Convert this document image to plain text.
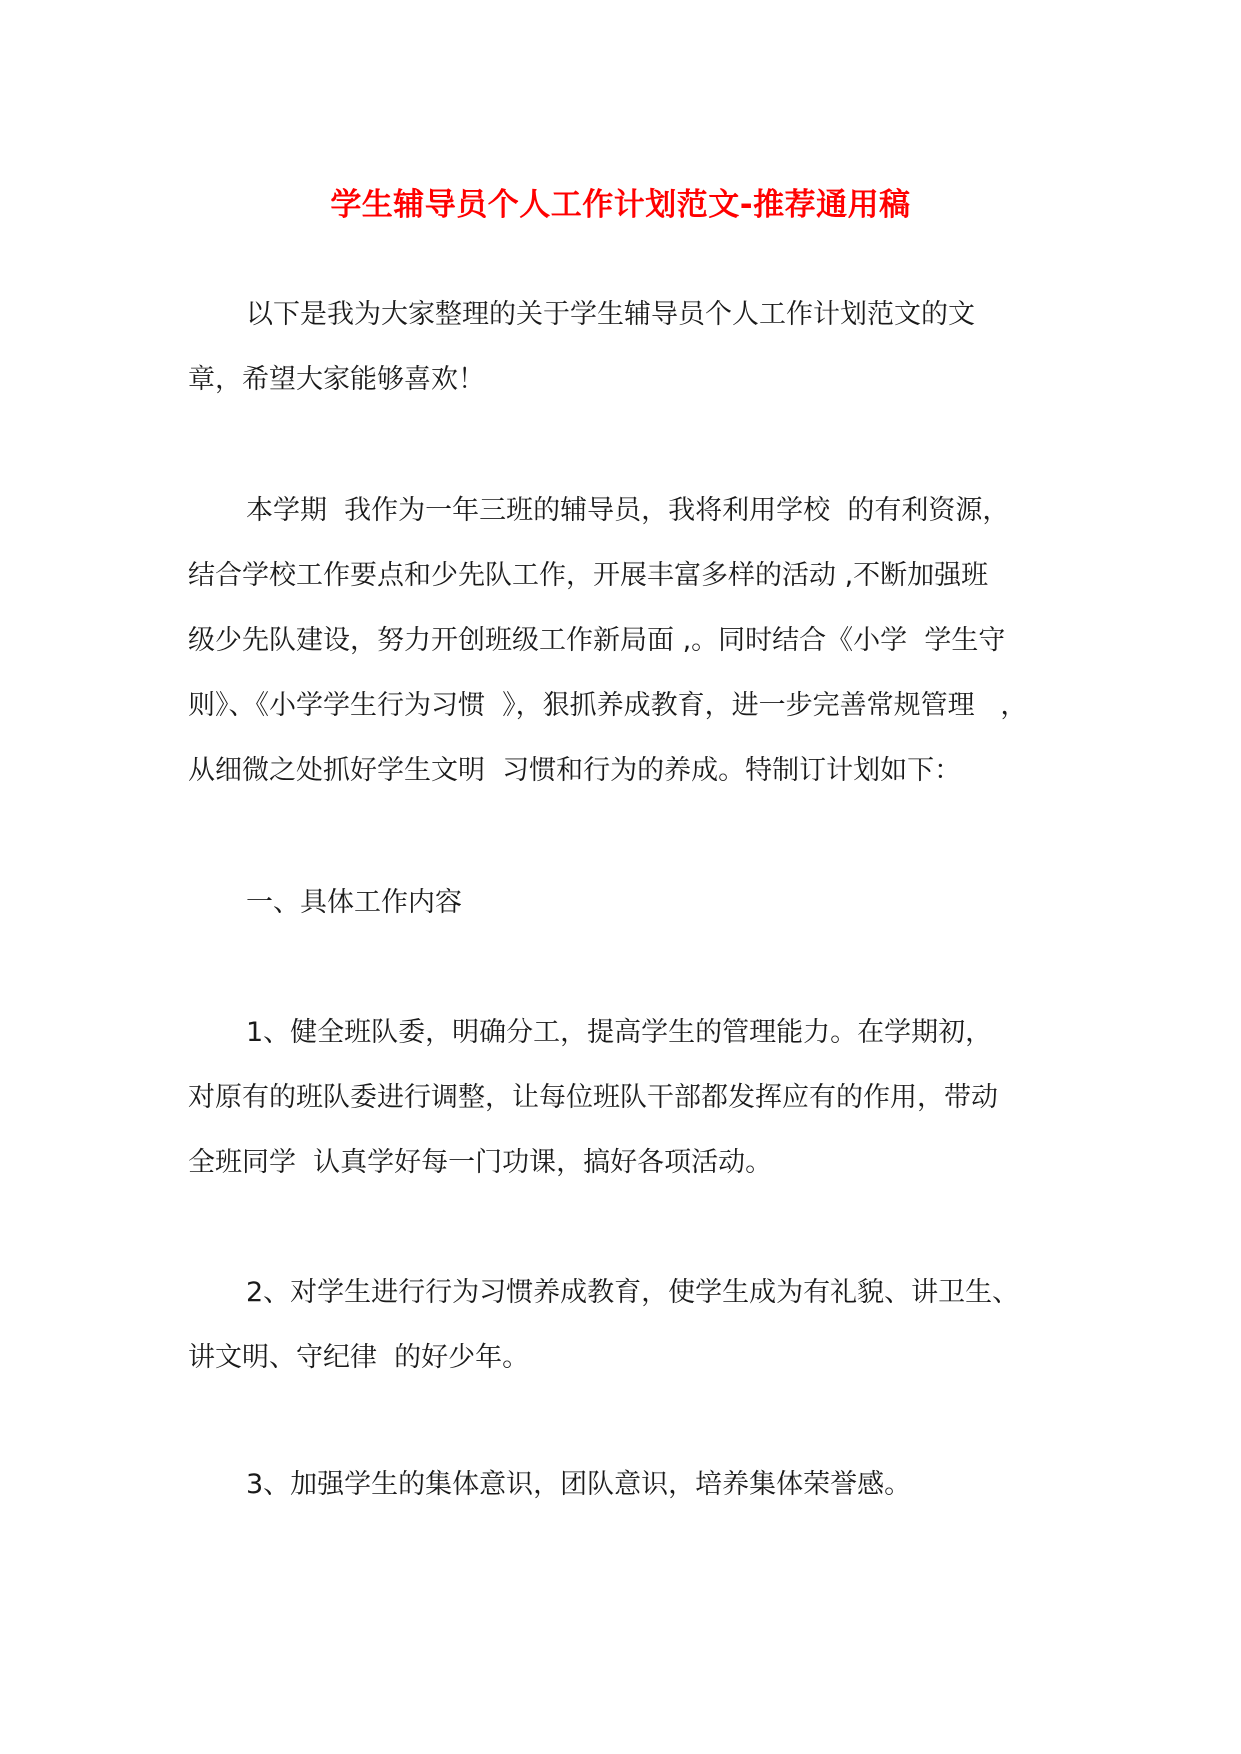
学生辅导员个人工作计划范文-推荐通用稿
以下是我为大家整理的关于学生辅导员个人工作计划范文的文
章，希望大家能够喜欢！
本学期  我作为一年三班的辅导员，我将利用学校  的有利资源，
结合学校工作要点和少先队工作，开展丰富多样的活动 ,不断加强班
级少先队建设，努力开创班级工作新局面 ,。同时结合《小学  学生守
则》、《小学学生行为习惯  》，狠抓养成教育，进一步完善常规管理   ，
从细微之处抓好学生文明  习惯和行为的养成。特制订计划如下：
一、具体工作内容
1、健全班队委，明确分工，提高学生的管理能力。在学期初，
对原有的班队委进行调整，让每位班队干部都发挥应有的作用，带动
全班同学  认真学好每一门功课，搞好各项活动。
2、对学生进行行为习惯养成教育，使学生成为有礼貌、讲卫生、
讲文明、守纪律  的好少年。
3、加强学生的集体意识，团队意识，培养集体荣誉感。
